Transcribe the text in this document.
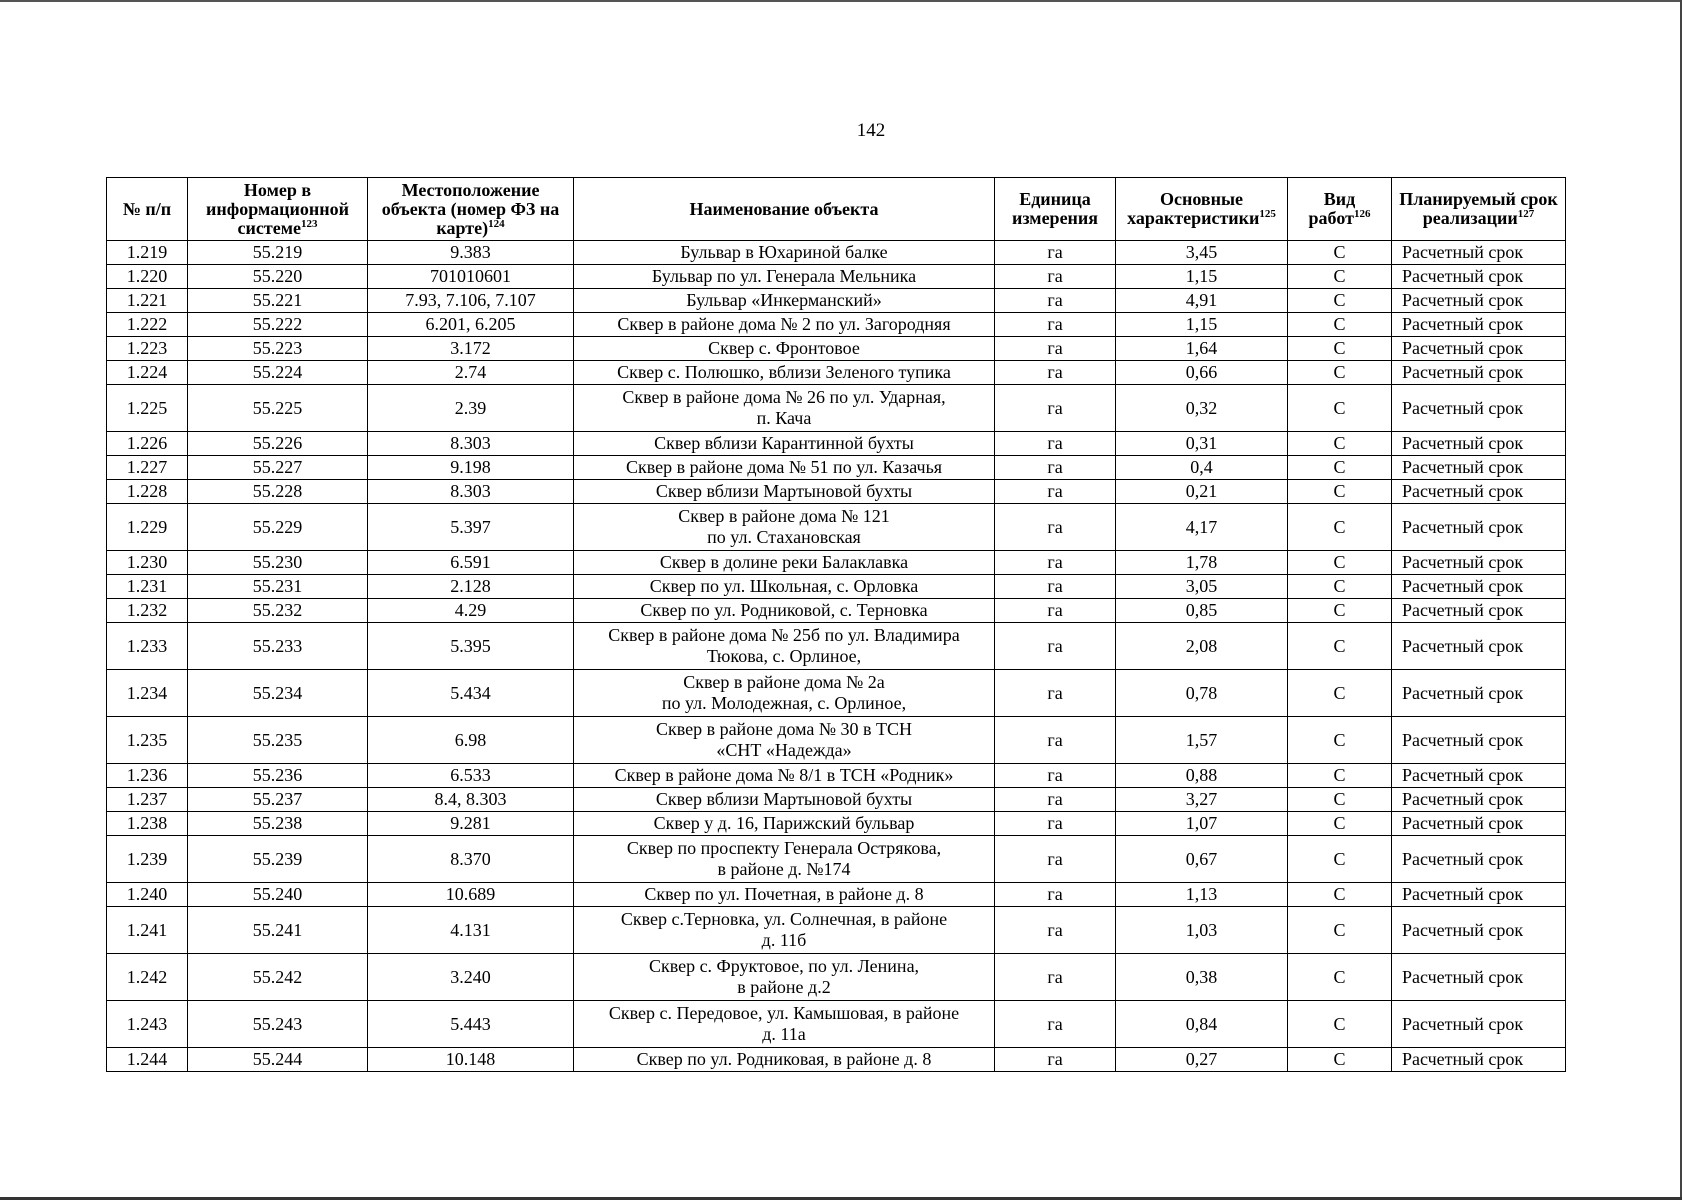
142
№ п/п	Номер в информационной системе$^{123}$	Местоположение объекта (номер ФЗ на карте)$^{124}$	Наименование объекта	Единица измерения	Основные характеристики$^{125}$	Вид работ$^{126}$	Планируемый срок реализации$^{127}$
1.219	55.219	9.383	Бульвар в Юхариной балке	га	3,45	С	Расчетный срок
1.220	55.220	701010601	Бульвар по ул. Генерала Мельника	га	1,15	С	Расчетный срок
1.221	55.221	7.93, 7.106, 7.107	Бульвар «Инкерманский»	га	4,91	С	Расчетный срок
1.222	55.222	6.201, 6.205	Сквер в районе дома № 2 по ул. Загородняя	га	1,15	С	Расчетный срок
1.223	55.223	3.172	Сквер с. Фронтовое	га	1,64	С	Расчетный срок
1.224	55.224	2.74	Сквер с. Полюшко, вблизи Зеленого тупика	га	0,66	С	Расчетный срок
1.225	55.225	2.39	Сквер в районе дома № 26 по ул. Ударная,
п. Кача	га	0,32	С	Расчетный срок
1.226	55.226	8.303	Сквер вблизи Карантинной бухты	га	0,31	С	Расчетный срок
1.227	55.227	9.198	Сквер в районе дома № 51 по ул. Казачья	га	0,4	С	Расчетный срок
1.228	55.228	8.303	Сквер вблизи Мартыновой бухты	га	0,21	С	Расчетный срок
1.229	55.229	5.397	Сквер в районе дома № 121
по ул. Стахановская	га	4,17	С	Расчетный срок
1.230	55.230	6.591	Сквер в долине реки Балаклавка	га	1,78	С	Расчетный срок
1.231	55.231	2.128	Сквер по ул. Школьная, с. Орловка	га	3,05	С	Расчетный срок
1.232	55.232	4.29	Сквер по ул. Родниковой, с. Терновка	га	0,85	С	Расчетный срок
1.233	55.233	5.395	Сквер в районе дома № 25б по ул. Владимира
Тюкова, с. Орлиное,	га	2,08	С	Расчетный срок
1.234	55.234	5.434	Сквер в районе дома № 2а
по ул. Молодежная, с. Орлиное,	га	0,78	С	Расчетный срок
1.235	55.235	6.98	Сквер в районе дома № 30 в ТСН
«СНТ «Надежда»	га	1,57	С	Расчетный срок
1.236	55.236	6.533	Сквер в районе дома № 8/1 в ТСН «Родник»	га	0,88	С	Расчетный срок
1.237	55.237	8.4, 8.303	Сквер вблизи Мартыновой бухты	га	3,27	С	Расчетный срок
1.238	55.238	9.281	Сквер у д. 16, Парижский бульвар	га	1,07	С	Расчетный срок
1.239	55.239	8.370	Сквер по проспекту Генерала Острякова,
в районе д. №174	га	0,67	С	Расчетный срок
1.240	55.240	10.689	Сквер по ул. Почетная, в районе д. 8	га	1,13	С	Расчетный срок
1.241	55.241	4.131	Сквер с.Терновка, ул. Солнечная, в районе
д. 11б	га	1,03	С	Расчетный срок
1.242	55.242	3.240	Сквер с. Фруктовое, по ул. Ленина,
в районе д.2	га	0,38	С	Расчетный срок
1.243	55.243	5.443	Сквер с. Передовое, ул. Камышовая, в районе
д. 11а	га	0,84	С	Расчетный срок
1.244	55.244	10.148	Сквер по ул. Родниковая, в районе д. 8	га	0,27	С	Расчетный срок
